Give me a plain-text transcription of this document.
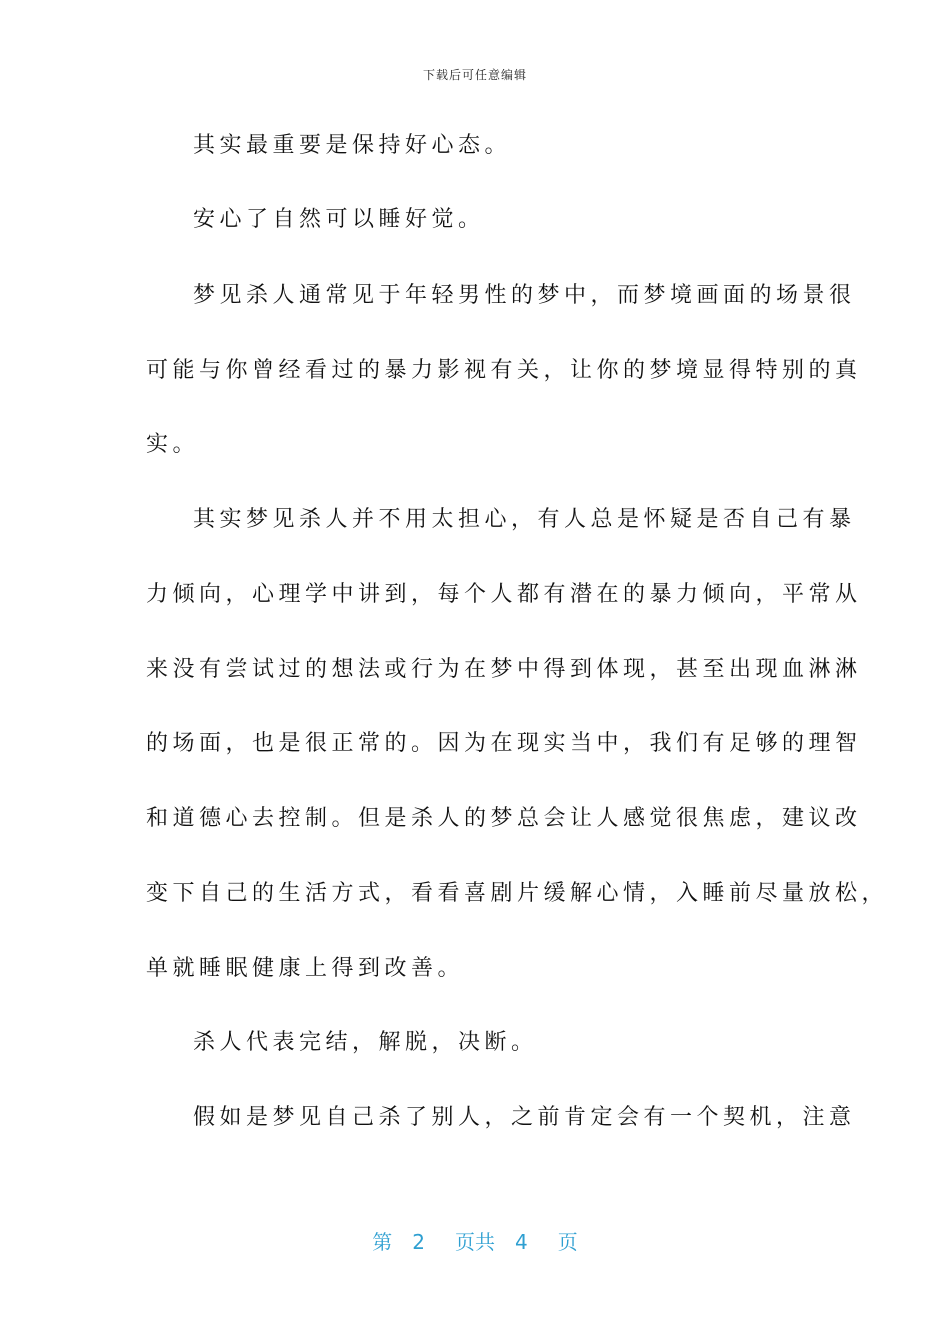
下载后可任意编辑
其实最重要是保持好心态。
安心了自然可以睡好觉。
梦见杀人通常见于年轻男性的梦中，而梦境画面的场景很
可能与你曾经看过的暴力影视有关，让你的梦境显得特别的真
实。
其实梦见杀人并不用太担心，有人总是怀疑是否自己有暴
力倾向，心理学中讲到，每个人都有潜在的暴力倾向，平常从
来没有尝试过的想法或行为在梦中得到体现，甚至出现血淋淋
的场面，也是很正常的。因为在现实当中，我们有足够的理智
和道德心去控制。但是杀人的梦总会让人感觉很焦虑，建议改
变下自己的生活方式，看看喜剧片缓解心情，入睡前尽量放松，
单就睡眠健康上得到改善。
杀人代表完结，解脱，决断。
假如是梦见自己杀了别人，之前肯定会有一个契机，注意
第 2 页共 4 页
